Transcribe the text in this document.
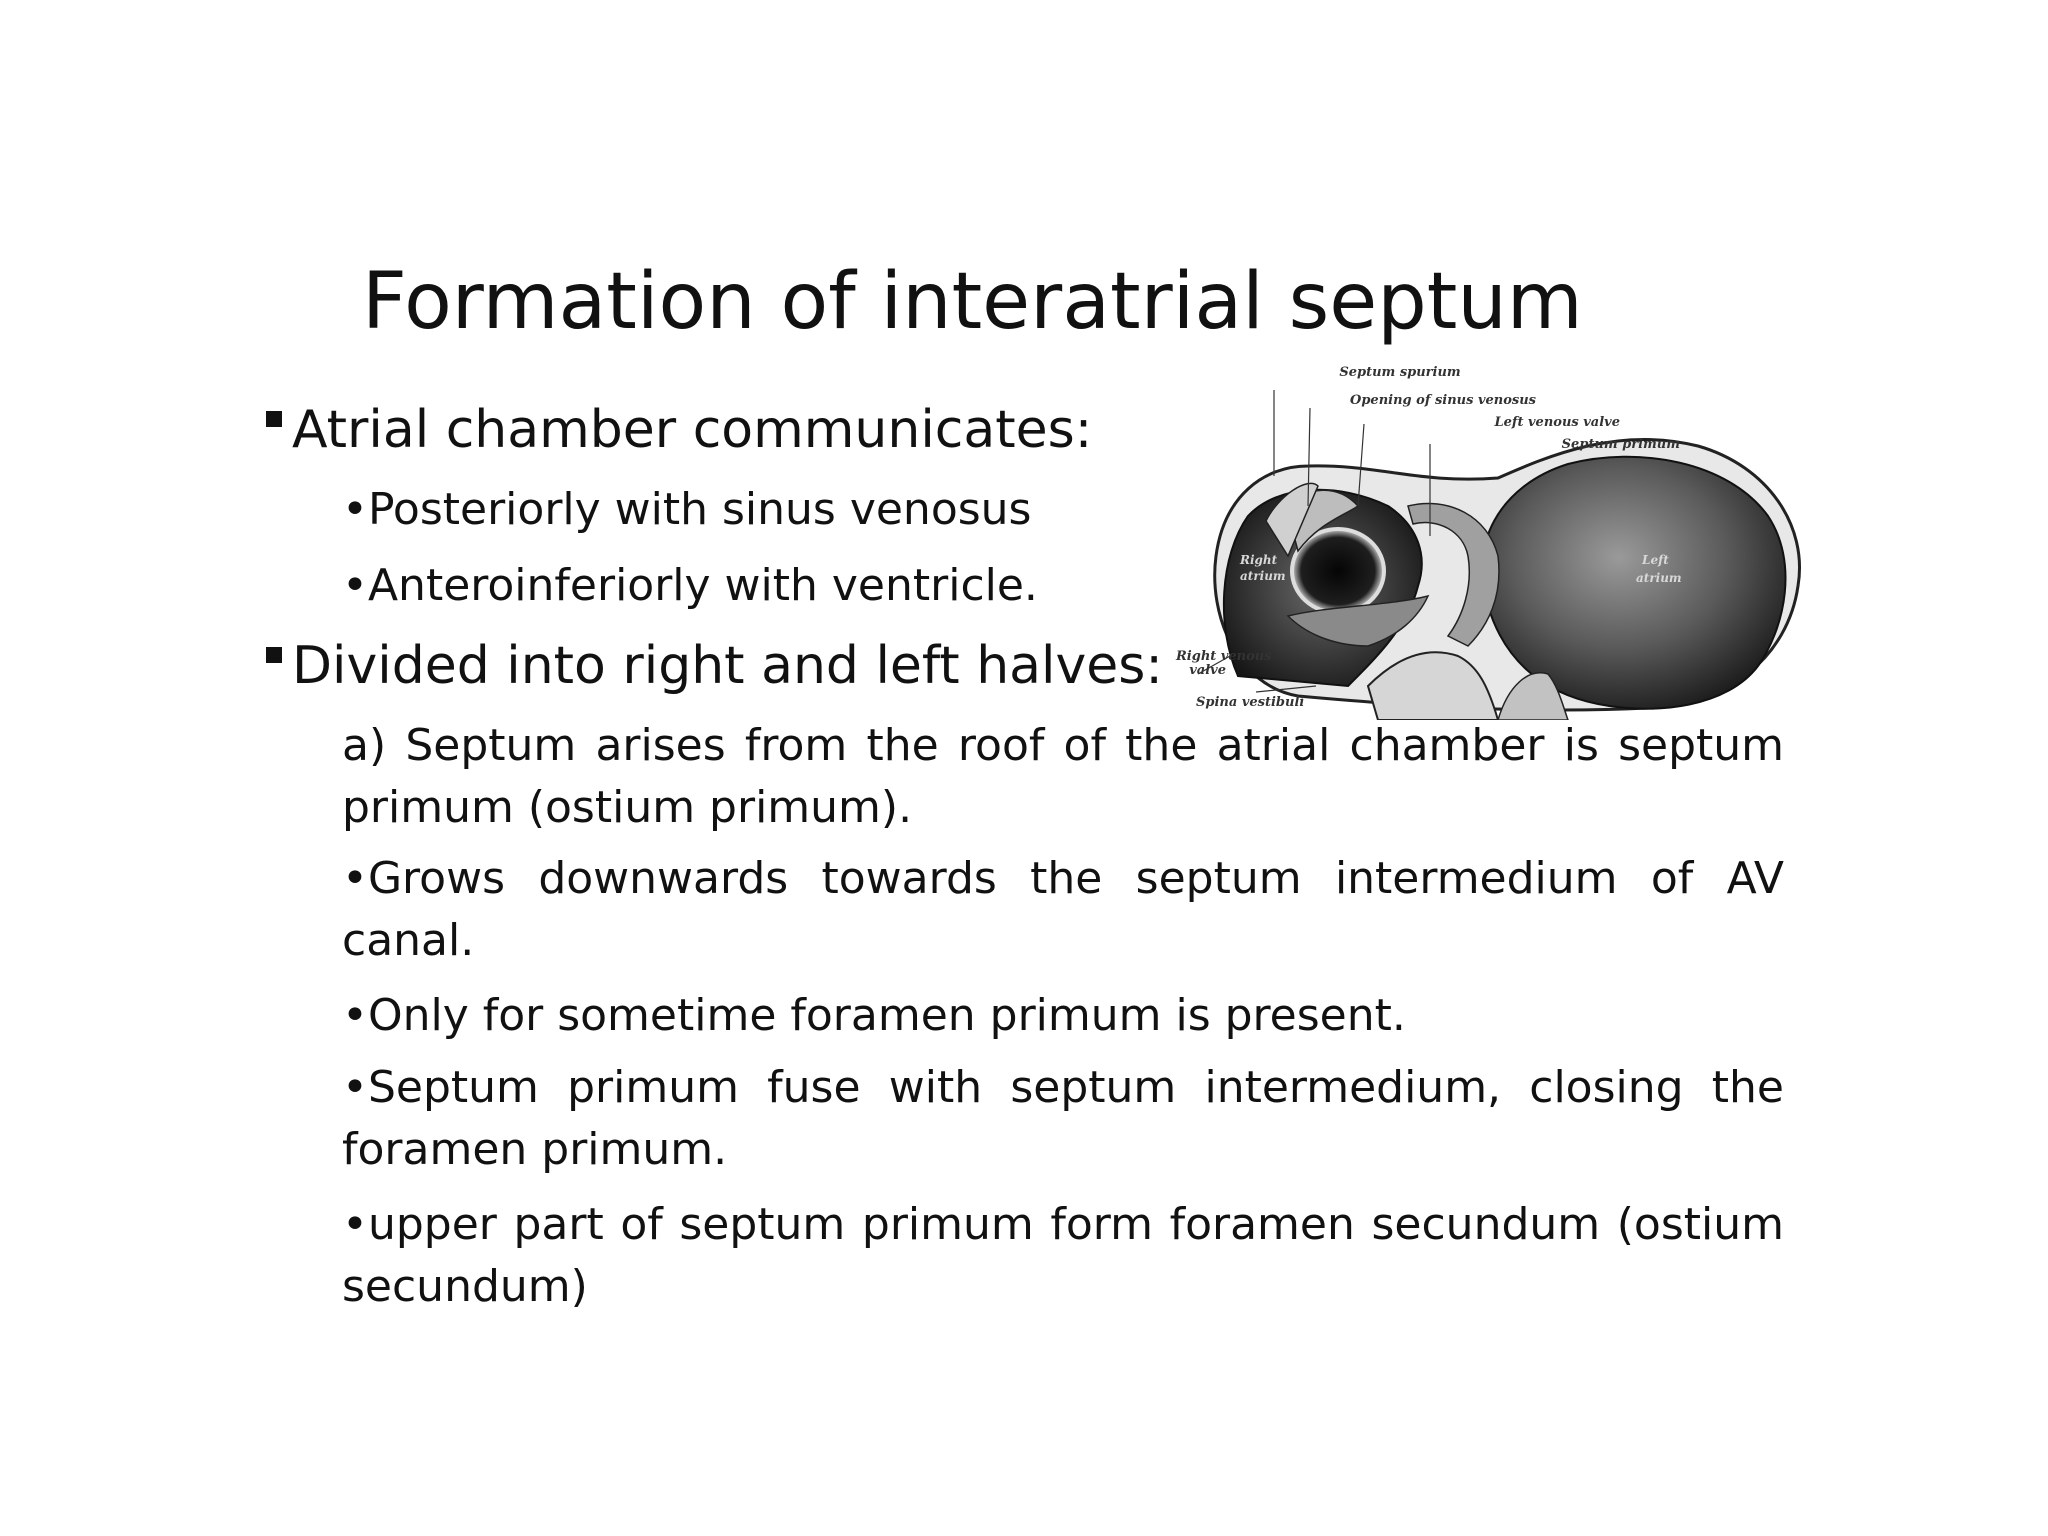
Formation of interatrial septum
Atrial chamber communicates:
•Posteriorly with sinus venosus
•Anteroinferiorly with ventricle.
Divided into right and left halves:
a) Septum arises from the roof of the atrial chamber is septum primum (ostium primum).
•Grows downwards towards the septum intermedium of AV canal.
•Only for sometime foramen primum is present.
•Septum primum fuse with septum intermedium, closing the foramen primum.
•upper part of septum primum form foramen secundum (ostium secundum)
Septum spurium
Opening of sinus venosus
Left venous valve
Septum primum
Right
atrium
Left
atrium
Right venous
valve
Spina vestibuli
